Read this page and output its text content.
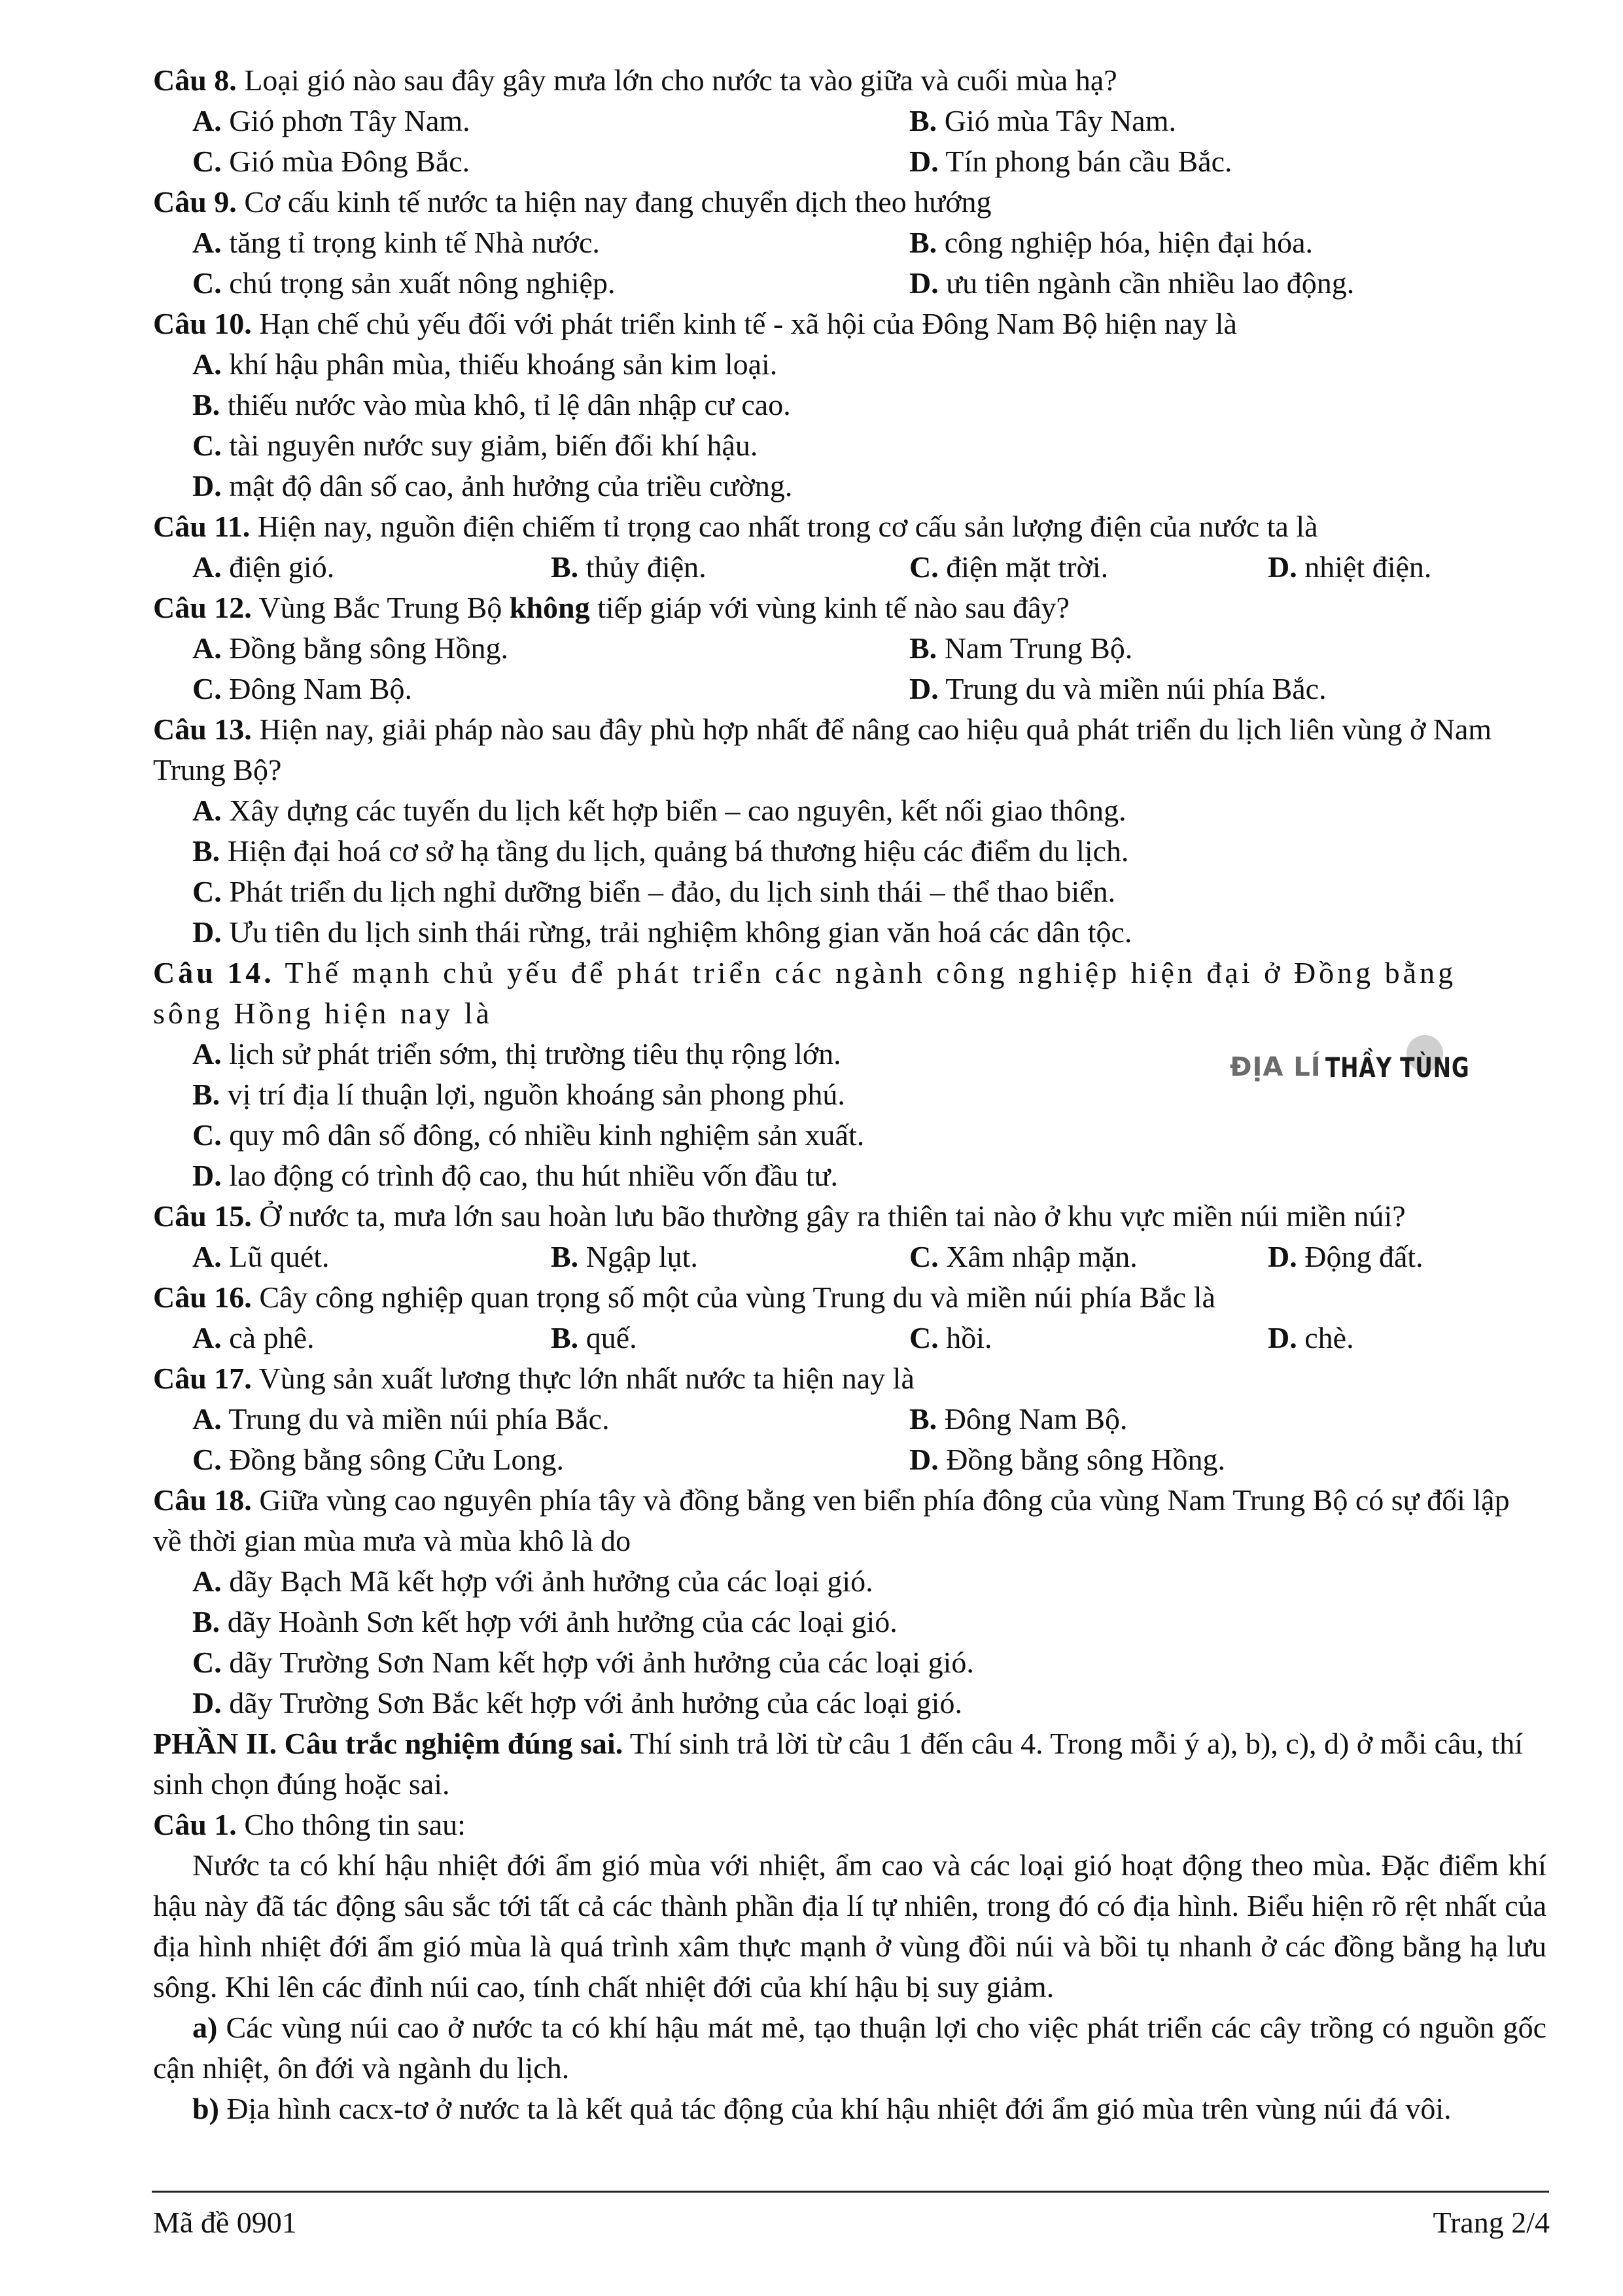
Câu 8. Loại gió nào sau đây gây mưa lớn cho nước ta vào giữa và cuối mùa hạ?
A. Gió phơn Tây Nam.	B. Gió mùa Tây Nam.
C. Gió mùa Đông Bắc.	D. Tín phong bán cầu Bắc.
Câu 9. Cơ cấu kinh tế nước ta hiện nay đang chuyển dịch theo hướng
A. tăng tỉ trọng kinh tế Nhà nước.	B. công nghiệp hóa, hiện đại hóa.
C. chú trọng sản xuất nông nghiệp.	D. ưu tiên ngành cần nhiều lao động.
Câu 10. Hạn chế chủ yếu đối với phát triển kinh tế - xã hội của Đông Nam Bộ hiện nay là
A. khí hậu phân mùa, thiếu khoáng sản kim loại.
B. thiếu nước vào mùa khô, tỉ lệ dân nhập cư cao.
C. tài nguyên nước suy giảm, biến đổi khí hậu.
D. mật độ dân số cao, ảnh hưởng của triều cường.
Câu 11. Hiện nay, nguồn điện chiếm tỉ trọng cao nhất trong cơ cấu sản lượng điện của nước ta là
A. điện gió.	B. thủy điện.	C. điện mặt trời.	D. nhiệt điện.
Câu 12. Vùng Bắc Trung Bộ không tiếp giáp với vùng kinh tế nào sau đây?
A. Đồng bằng sông Hồng.	B. Nam Trung Bộ.
C. Đông Nam Bộ.	D. Trung du và miền núi phía Bắc.
Câu 13. Hiện nay, giải pháp nào sau đây phù hợp nhất để nâng cao hiệu quả phát triển du lịch liên vùng ở Nam Trung Bộ?
A. Xây dựng các tuyến du lịch kết hợp biển – cao nguyên, kết nối giao thông.
B. Hiện đại hoá cơ sở hạ tầng du lịch, quảng bá thương hiệu các điểm du lịch.
C. Phát triển du lịch nghỉ dưỡng biển – đảo, du lịch sinh thái – thể thao biển.
D. Ưu tiên du lịch sinh thái rừng, trải nghiệm không gian văn hoá các dân tộc.
Câu 14. Thế mạnh chủ yếu để phát triển các ngành công nghiệp hiện đại ở Đồng bằng sông Hồng hiện nay là
A. lịch sử phát triển sớm, thị trường tiêu thụ rộng lớn.
B. vị trí địa lí thuận lợi, nguồn khoáng sản phong phú.
C. quy mô dân số đông, có nhiều kinh nghiệm sản xuất.
D. lao động có trình độ cao, thu hút nhiều vốn đầu tư.
ĐỊA LÍ THẦY TÙNG
Câu 15. Ở nước ta, mưa lớn sau hoàn lưu bão thường gây ra thiên tai nào ở khu vực miền núi miền núi?
A. Lũ quét.	B. Ngập lụt.	C. Xâm nhập mặn.	D. Động đất.
Câu 16. Cây công nghiệp quan trọng số một của vùng Trung du và miền núi phía Bắc là
A. cà phê.	B. quế.	C. hồi.	D. chè.
Câu 17. Vùng sản xuất lương thực lớn nhất nước ta hiện nay là
A. Trung du và miền núi phía Bắc.	B. Đông Nam Bộ.
C. Đồng bằng sông Cửu Long.	D. Đồng bằng sông Hồng.
Câu 18. Giữa vùng cao nguyên phía tây và đồng bằng ven biển phía đông của vùng Nam Trung Bộ có sự đối lập về thời gian mùa mưa và mùa khô là do
A. dãy Bạch Mã kết hợp với ảnh hưởng của các loại gió.
B. dãy Hoành Sơn kết hợp với ảnh hưởng của các loại gió.
C. dãy Trường Sơn Nam kết hợp với ảnh hưởng của các loại gió.
D. dãy Trường Sơn Bắc kết hợp với ảnh hưởng của các loại gió.
PHẦN II. Câu trắc nghiệm đúng sai. Thí sinh trả lời từ câu 1 đến câu 4. Trong mỗi ý a), b), c), d) ở mỗi câu, thí sinh chọn đúng hoặc sai.
Câu 1. Cho thông tin sau:
Nước ta có khí hậu nhiệt đới ẩm gió mùa với nhiệt, ẩm cao và các loại gió hoạt động theo mùa. Đặc điểm khí hậu này đã tác động sâu sắc tới tất cả các thành phần địa lí tự nhiên, trong đó có địa hình. Biểu hiện rõ rệt nhất của địa hình nhiệt đới ẩm gió mùa là quá trình xâm thực mạnh ở vùng đồi núi và bồi tụ nhanh ở các đồng bằng hạ lưu sông. Khi lên các đỉnh núi cao, tính chất nhiệt đới của khí hậu bị suy giảm.
a) Các vùng núi cao ở nước ta có khí hậu mát mẻ, tạo thuận lợi cho việc phát triển các cây trồng có nguồn gốc cận nhiệt, ôn đới và ngành du lịch.
b) Địa hình cacx-tơ ở nước ta là kết quả tác động của khí hậu nhiệt đới ẩm gió mùa trên vùng núi đá vôi.
Mã đề 0901	Trang 2/4
